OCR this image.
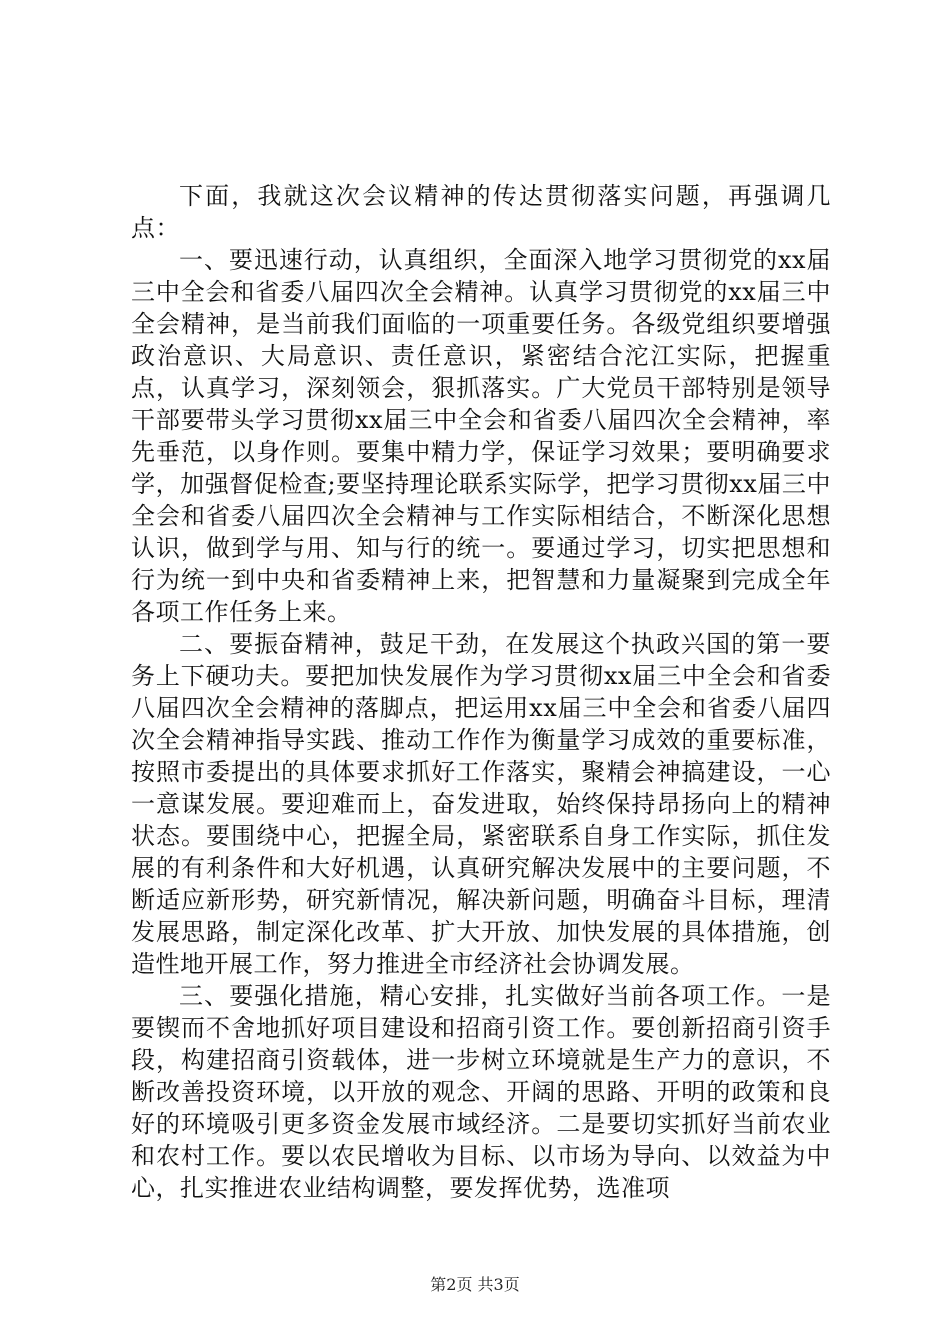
下面，我就这次会议精神的传达贯彻落实问题，再强调几点：

一、要迅速行动，认真组织，全面深入地学习贯彻党的xx届三中全会和省委八届四次全会精神。认真学习贯彻党的xx届三中全会精神，是当前我们面临的一项重要任务。各级党组织要增强政治意识、大局意识、责任意识，紧密结合沱江实际，把握重点，认真学习，深刻领会，狠抓落实。广大党员干部特别是领导干部要带头学习贯彻xx届三中全会和省委八届四次全会精神，率先垂范，以身作则。要集中精力学，保证学习效果；要明确要求学，加强督促检查;要坚持理论联系实际学，把学习贯彻xx届三中全会和省委八届四次全会精神与工作实际相结合，不断深化思想认识，做到学与用、知与行的统一。要通过学习，切实把思想和行为统一到中央和省委精神上来，把智慧和力量凝聚到完成全年各项工作任务上来。

二、要振奋精神，鼓足干劲，在发展这个执政兴国的第一要务上下硬功夫。要把加快发展作为学习贯彻xx届三中全会和省委八届四次全会精神的落脚点，把运用xx届三中全会和省委八届四次全会精神指导实践、推动工作作为衡量学习成效的重要标准，按照市委提出的具体要求抓好工作落实，聚精会神搞建设，一心一意谋发展。要迎难而上，奋发进取，始终保持昂扬向上的精神状态。要围绕中心，把握全局，紧密联系自身工作实际，抓住发展的有利条件和大好机遇，认真研究解决发展中的主要问题，不断适应新形势，研究新情况，解决新问题，明确奋斗目标，理清发展思路，制定深化改革、扩大开放、加快发展的具体措施，创造性地开展工作，努力推进全市经济社会协调发展。

三、要强化措施，精心安排，扎实做好当前各项工作。一是要锲而不舍地抓好项目建设和招商引资工作。要创新招商引资手段，构建招商引资载体，进一步树立环境就是生产力的意识，不断改善投资环境，以开放的观念、开阔的思路、开明的政策和良好的环境吸引更多资金发展市域经济。二是要切实抓好当前农业和农村工作。要以农民增收为目标、以市场为导向、以效益为中心，扎实推进农业结构调整，要发挥优势，选准项

第2页 共3页
